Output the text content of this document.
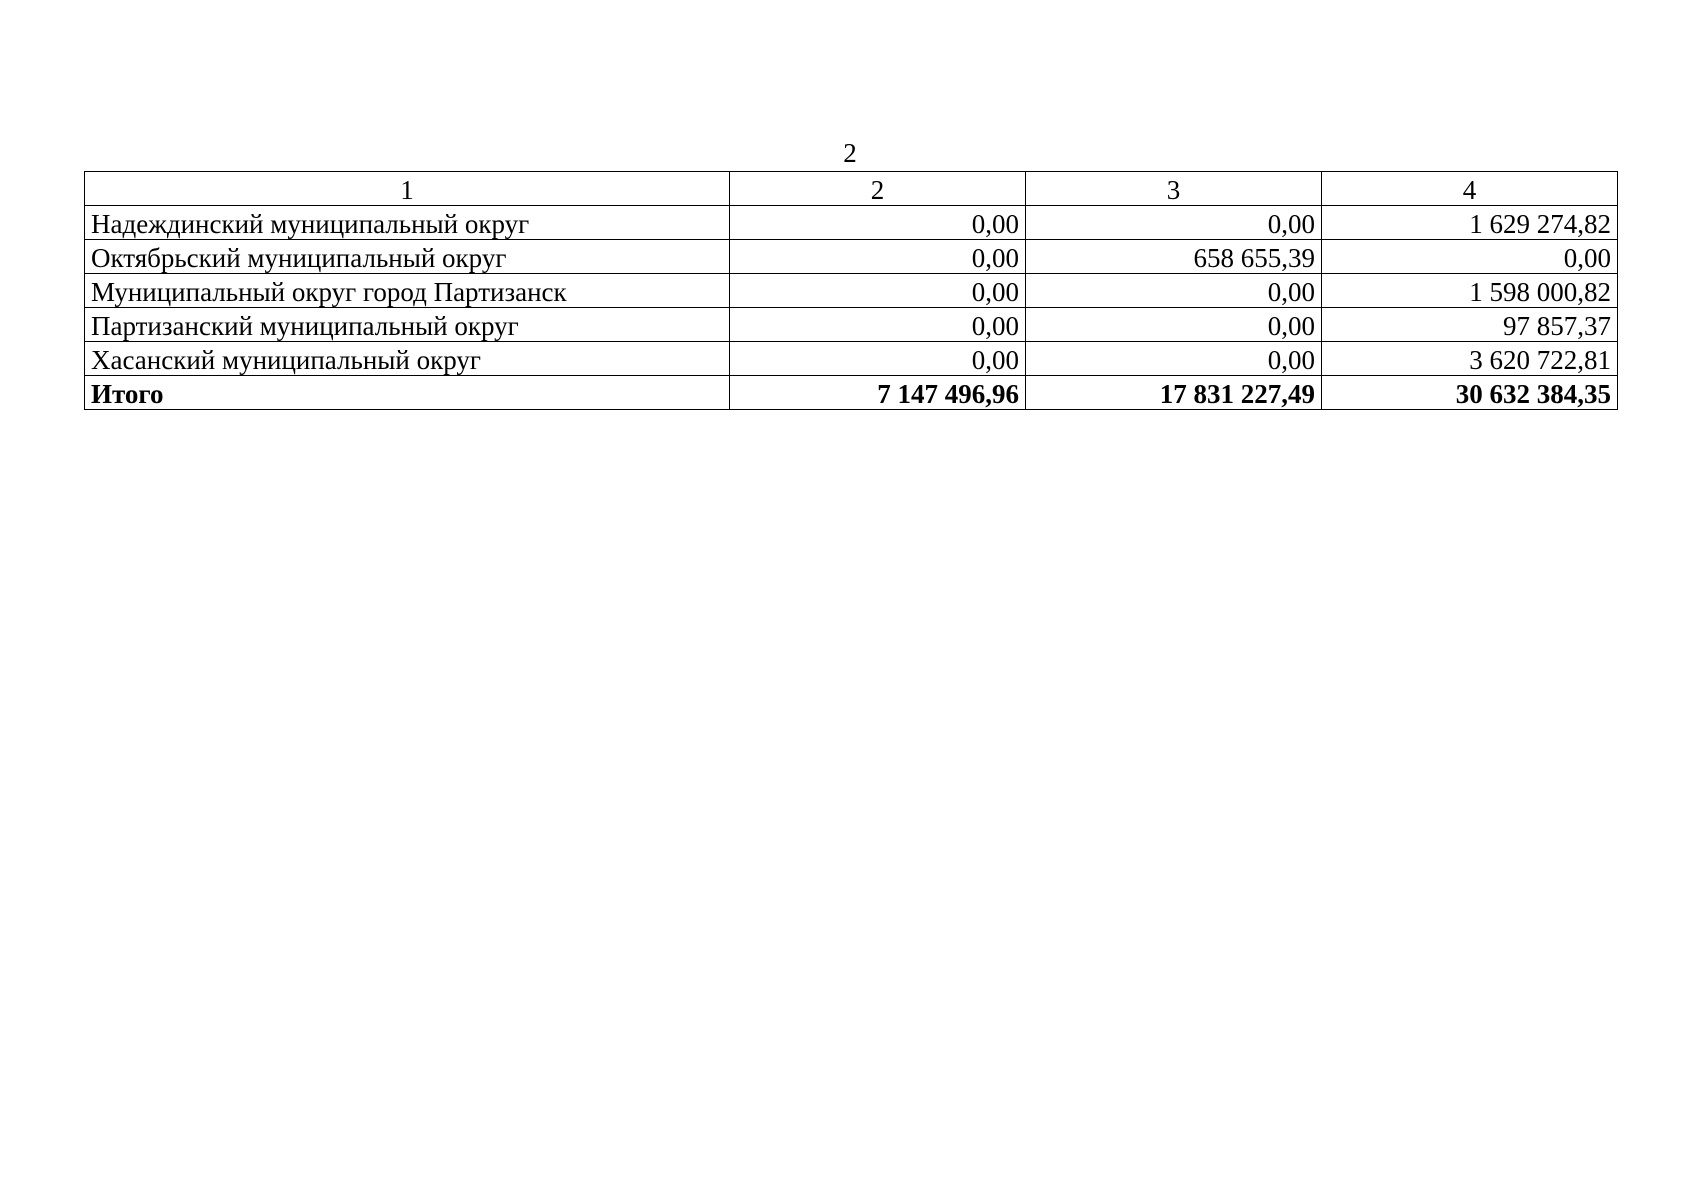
2
1	2	3	4
Надеждинский муниципальный округ	0,00	0,00	1 629 274,82
Октябрьский муниципальный округ	0,00	658 655,39	0,00
Муниципальный округ город Партизанск	0,00	0,00	1 598 000,82
Партизанский муниципальный округ	0,00	0,00	97 857,37
Хасанский муниципальный округ	0,00	0,00	3 620 722,81
Итого	7 147 496,96	17 831 227,49	30 632 384,35
